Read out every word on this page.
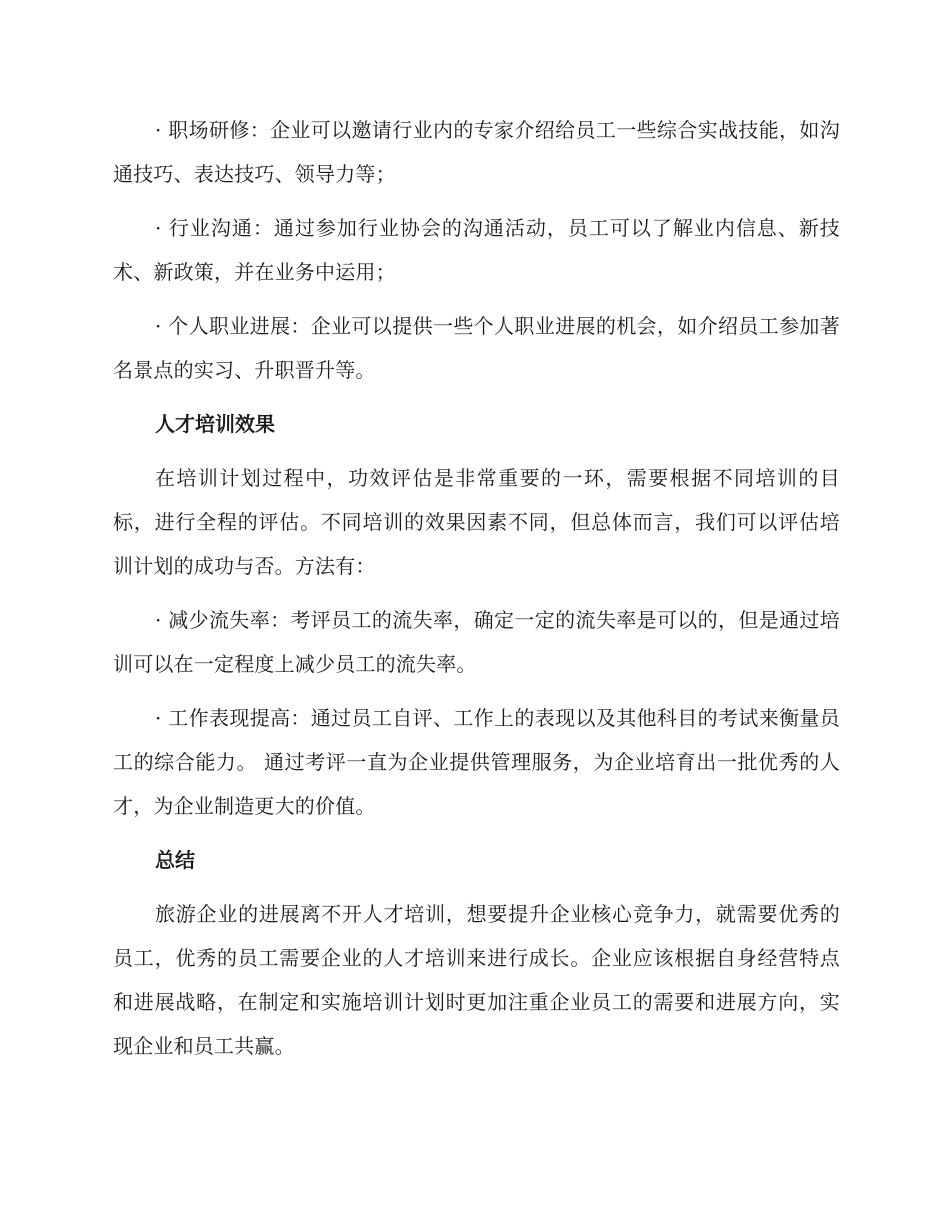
· 职场研修：企业可以邀请行业内的专家介绍给员工一些综合实战技能，如沟通技巧、表达技巧、领导力等；

· 行业沟通：通过参加行业协会的沟通活动，员工可以了解业内信息、新技术、新政策，并在业务中运用；

· 个人职业进展：企业可以提供一些个人职业进展的机会，如介绍员工参加著名景点的实习、升职晋升等。

人才培训效果

在培训计划过程中，功效评估是非常重要的一环，需要根据不同培训的目标，进行全程的评估。不同培训的效果因素不同，但总体而言，我们可以评估培训计划的成功与否。方法有：

· 减少流失率：考评员工的流失率，确定一定的流失率是可以的，但是通过培训可以在一定程度上减少员工的流失率。

· 工作表现提高：通过员工自评、工作上的表现以及其他科目的考试来衡量员工的综合能力。 通过考评一直为企业提供管理服务，为企业培育出一批优秀的人才，为企业制造更大的价值。

总结

旅游企业的进展离不开人才培训，想要提升企业核心竞争力，就需要优秀的员工，优秀的员工需要企业的人才培训来进行成长。企业应该根据自身经营特点和进展战略，在制定和实施培训计划时更加注重企业员工的需要和进展方向，实现企业和员工共赢。
